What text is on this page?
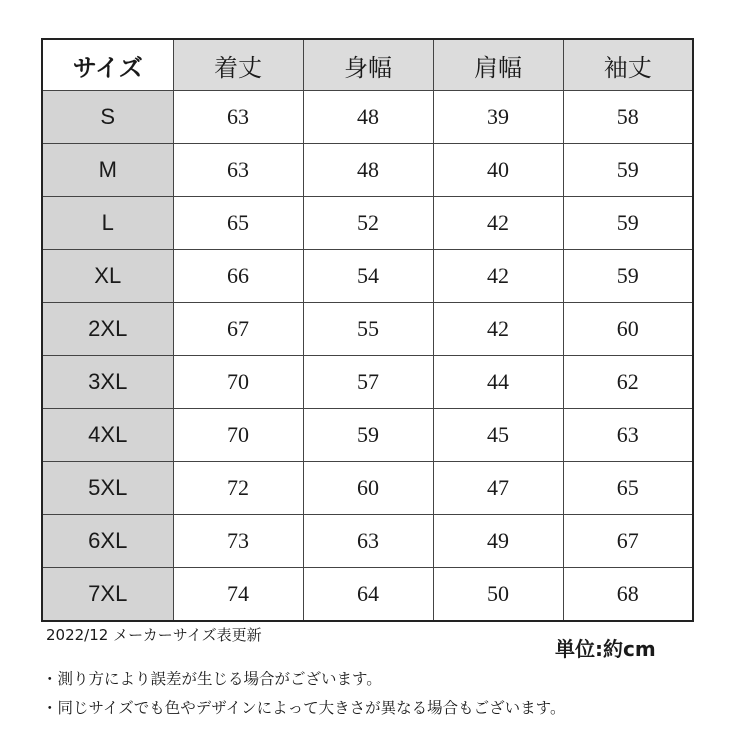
サイズ	着丈	身幅	肩幅	袖丈
S	63	48	39	58
M	63	48	40	59
L	65	52	42	59
XL	66	54	42	59
2XL	67	55	42	60
3XL	70	57	44	62
4XL	70	59	45	63
5XL	72	60	47	65
6XL	73	63	49	67
7XL	74	64	50	68
2022/12 メーカーサイズ表更新
単位:約cm
・測り方により誤差が生じる場合がございます。
・同じサイズでも色やデザインによって大きさが異なる場合もございます。
